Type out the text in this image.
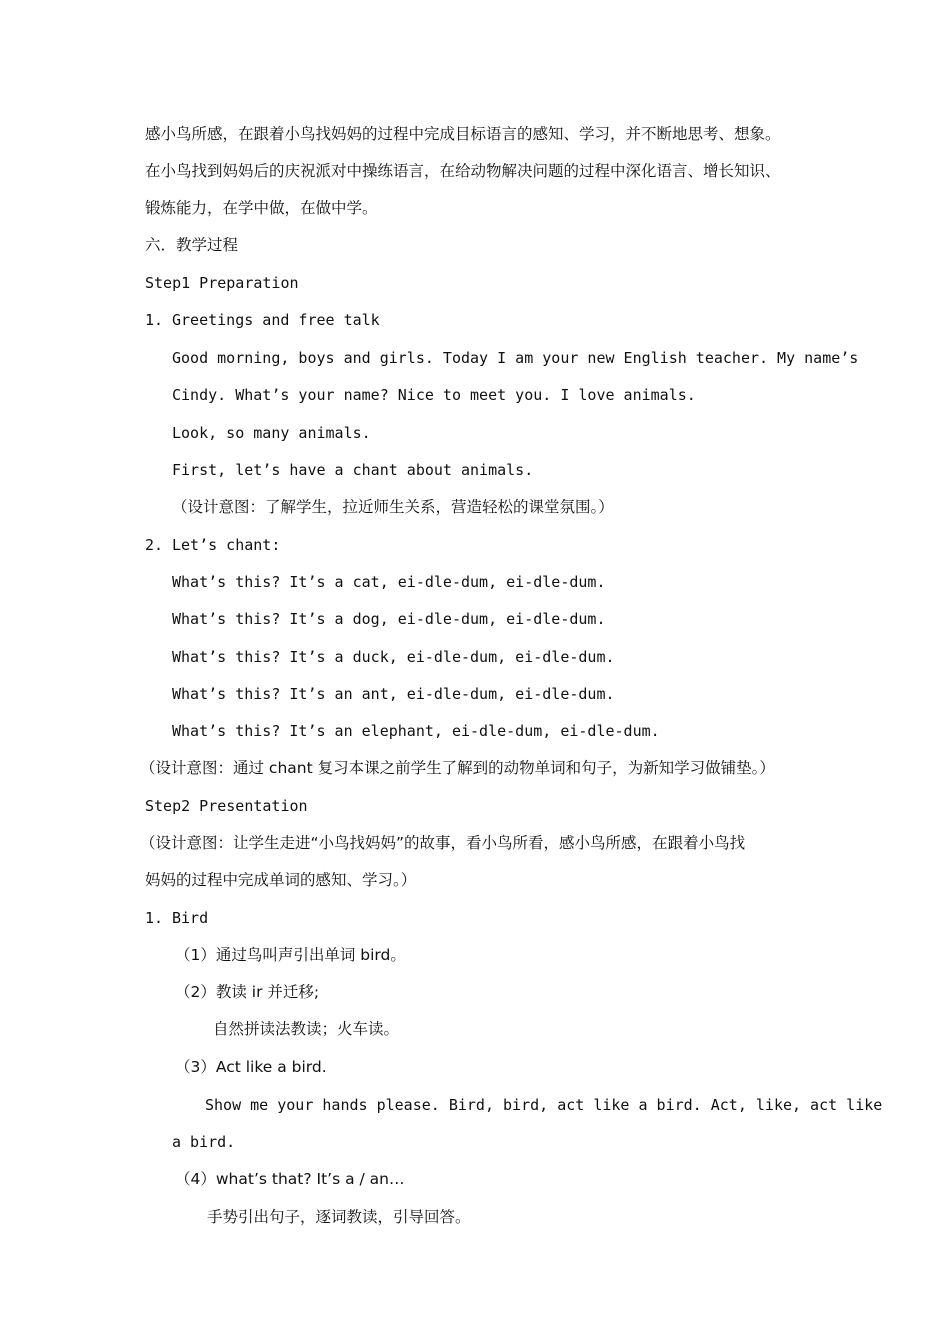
感小鸟所感，在跟着小鸟找妈妈的过程中完成目标语言的感知、学习，并不断地思考、想象。
在小鸟找到妈妈后的庆祝派对中操练语言，在给动物解决问题的过程中深化语言、增长知识、
锻炼能力，在学中做，在做中学。
六．教学过程
Step1 Preparation
1. Greetings and free talk
Good morning, boys and girls. Today I am your new English teacher. My name’s
Cindy. What’s your name? Nice to meet you. I love animals.
Look, so many animals.
First, let’s have a chant about animals.
（设计意图：了解学生，拉近师生关系，营造轻松的课堂氛围。）
2. Let’s chant:
What’s this? It’s a cat, ei-dle-dum, ei-dle-dum.
What’s this? It’s a dog, ei-dle-dum, ei-dle-dum.
What’s this? It’s a duck, ei-dle-dum, ei-dle-dum.
What’s this? It’s an ant, ei-dle-dum, ei-dle-dum.
What’s this? It’s an elephant, ei-dle-dum, ei-dle-dum.
（设计意图：通过 chant 复习本课之前学生了解到的动物单词和句子，为新知学习做铺垫。）
Step2 Presentation
（设计意图：让学生走进“小鸟找妈妈”的故事，看小鸟所看，感小鸟所感，在跟着小鸟找
妈妈的过程中完成单词的感知、学习。）
1. Bird
（1）通过鸟叫声引出单词 bird。
（2）教读 ir 并迁移;
自然拼读法教读；火车读。
（3）Act like a bird.
Show me your hands please. Bird, bird, act like a bird. Act, like, act like
a bird.
（4）what’s that? It’s a / an…
手势引出句子，逐词教读，引导回答。
